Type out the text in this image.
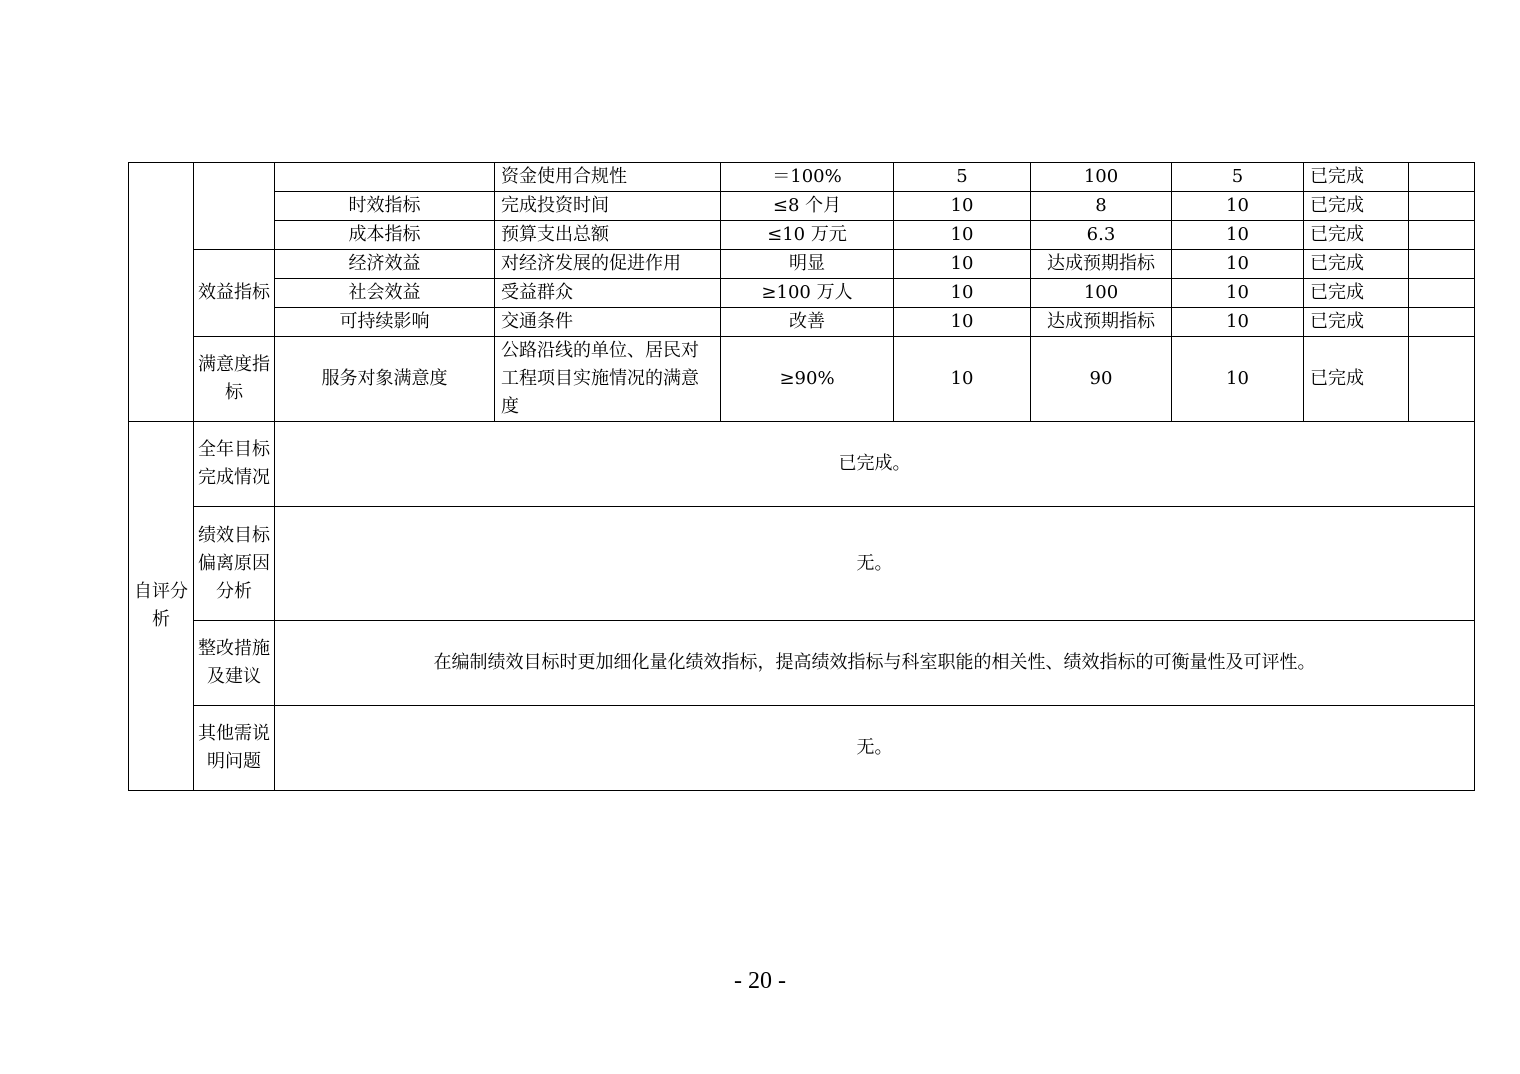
			资金使用合规性	＝100%	5	100	5	已完成	
		时效指标	完成投资时间	≤8 个月	10	8	10	已完成	
		成本指标	预算支出总额	≤10 万元	10	6.3	10	已完成	
	效益指标	经济效益	对经济发展的促进作用	明显	10	达成预期指标	10	已完成	
		社会效益	受益群众	≥100 万人	10	100	10	已完成	
		可持续影响	交通条件	改善	10	达成预期指标	10	已完成	
	满意度指标	服务对象满意度	公路沿线的单位、居民对工程项目实施情况的满意度	≥90%	10	90	10	已完成	
自评分析	全年目标完成情况	已完成。							
	绩效目标偏离原因分析	无。							
	整改措施及建议	在编制绩效目标时更加细化量化绩效指标，提高绩效指标与科室职能的相关性、绩效指标的可衡量性及可评性。							
	其他需说明问题	无。							
- 20 -
